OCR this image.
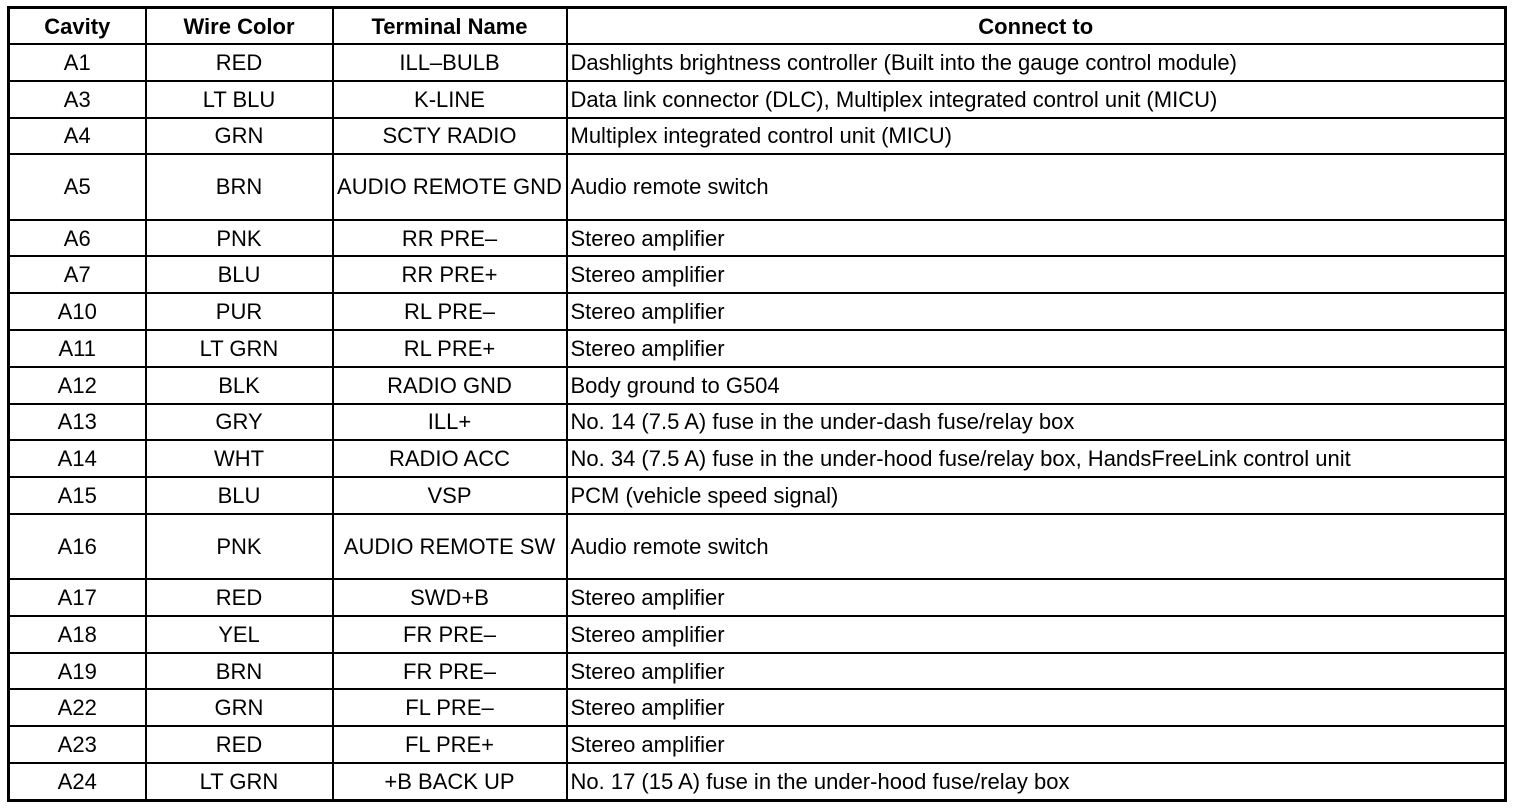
Cavity	Wire Color	Terminal Name	Connect to
A1	RED	ILL–BULB	Dashlights brightness controller (Built into the gauge control module)
A3	LT BLU	K-LINE	Data link connector (DLC), Multiplex integrated control unit (MICU)
A4	GRN	SCTY RADIO	Multiplex integrated control unit (MICU)
A5	BRN	AUDIO REMOTE GND	Audio remote switch
A6	PNK	RR PRE–	Stereo amplifier
A7	BLU	RR PRE+	Stereo amplifier
A10	PUR	RL PRE–	Stereo amplifier
A11	LT GRN	RL PRE+	Stereo amplifier
A12	BLK	RADIO GND	Body ground to G504
A13	GRY	ILL+	No. 14 (7.5 A) fuse in the under-dash fuse/relay box
A14	WHT	RADIO ACC	No. 34 (7.5 A) fuse in the under-hood fuse/relay box, HandsFreeLink control unit
A15	BLU	VSP	PCM (vehicle speed signal)
A16	PNK	AUDIO REMOTE SW	Audio remote switch
A17	RED	SWD+B	Stereo amplifier
A18	YEL	FR PRE–	Stereo amplifier
A19	BRN	FR PRE–	Stereo amplifier
A22	GRN	FL PRE–	Stereo amplifier
A23	RED	FL PRE+	Stereo amplifier
A24	LT GRN	+B BACK UP	No. 17 (15 A) fuse in the under-hood fuse/relay box
